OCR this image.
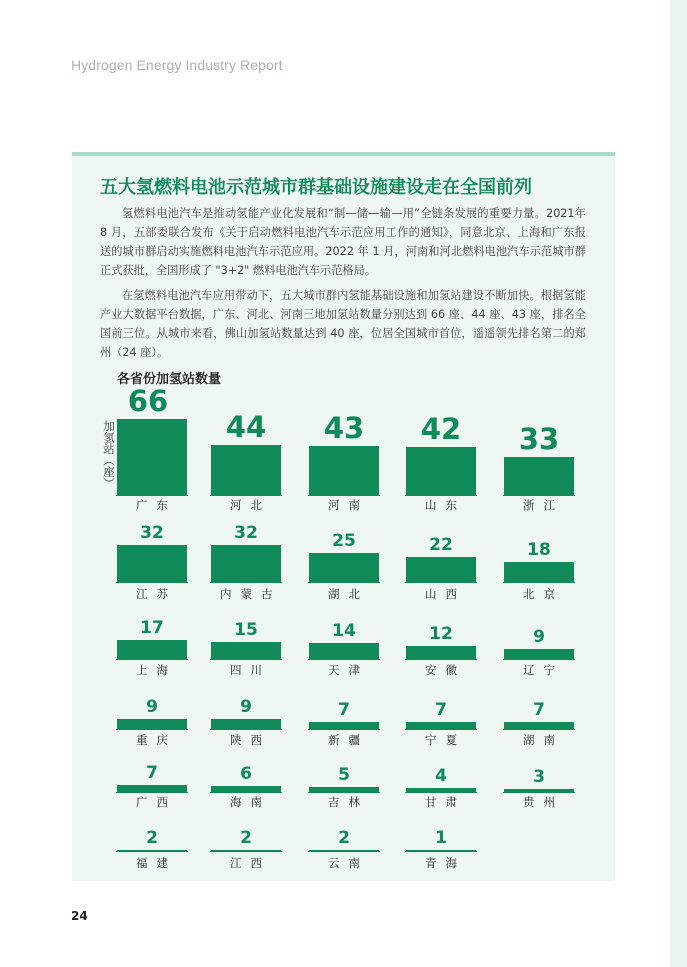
Hydrogen Energy Industry Report
五大氢燃料电池示范城市群基础设施建设走在全国前列

氢燃料电池汽车是推动氢能产业化发展和“制—储—输—用”全链条发展的重要力量。2021年 8 月，五部委联合发布《关于启动燃料电池汽车示范应用工作的通知》，同意北京、上海和广东报送的城市群启动实施燃料电池汽车示范应用。2022 年 1 月，河南和河北燃料电池汽车示范城市群正式获批，全国形成了 "3+2" 燃料电池汽车示范格局。

在氢燃料电池汽车应用带动下，五大城市群内氢能基础设施和加氢站建设不断加快。根据氢能产业大数据平台数据，广东、河北、河南三地加氢站数量分别达到 66 座、44 座、43 座，排名全国前三位。从城市来看，佛山加氢站数量达到 40 座，位居全国城市首位，遥遥领先排名第二的郑州（24 座）。

各省份加氢站数量
加氢站（座）
66
广东
44
河北
43
河南
42
山东
33
浙江
32
江苏
32
内蒙古
25
湖北
22
山西
18
北京
17
上海
15
四川
14
天津
12
安徽
9
辽宁
9
重庆
9
陕西
7
新疆
7
宁夏
7
湖南
7
广西
6
海南
5
吉林
4
甘肃
3
贵州
2
福建
2
江西
2
云南
1
青海
24
